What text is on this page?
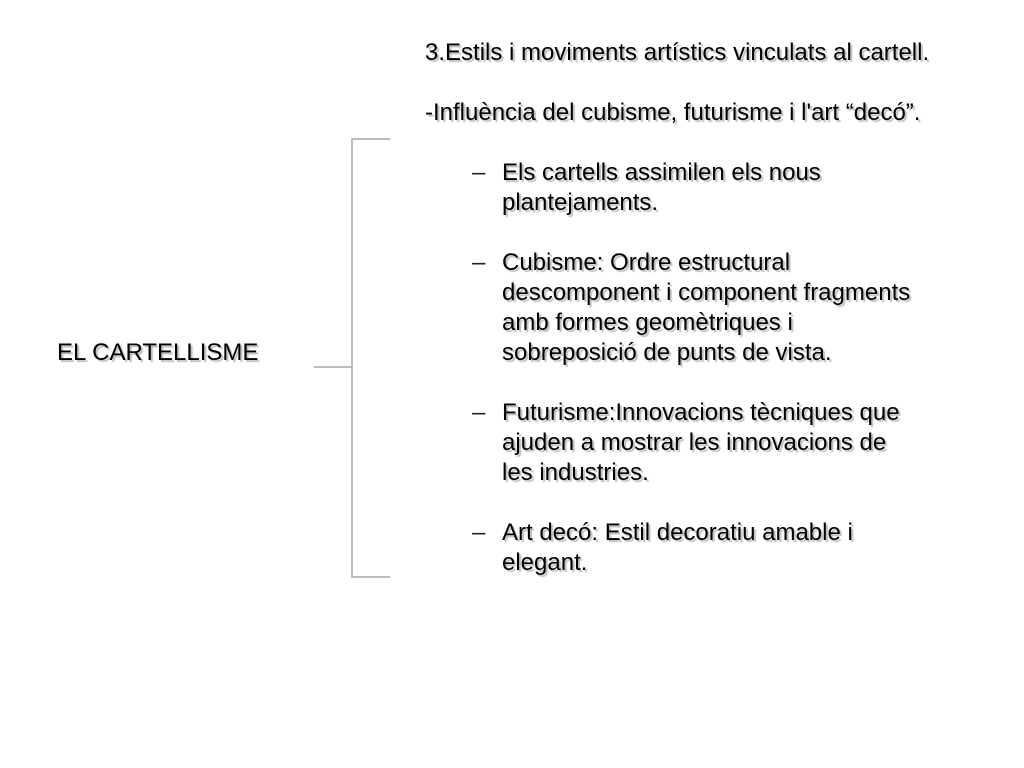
EL CARTELLISME

3.Estils i moviments artístics vinculats al cartell.

-Influència del cubisme, futurisme i l'art “decó”.

– Els cartells assimilen els nous plantejaments.
– Cubisme: Ordre estructural descomponent i component fragments amb formes geomètriques i sobreposició de punts de vista.
– Futurisme:Innovacions tècniques que ajuden a mostrar les innovacions de les industries.
– Art decó: Estil decoratiu amable i elegant.
